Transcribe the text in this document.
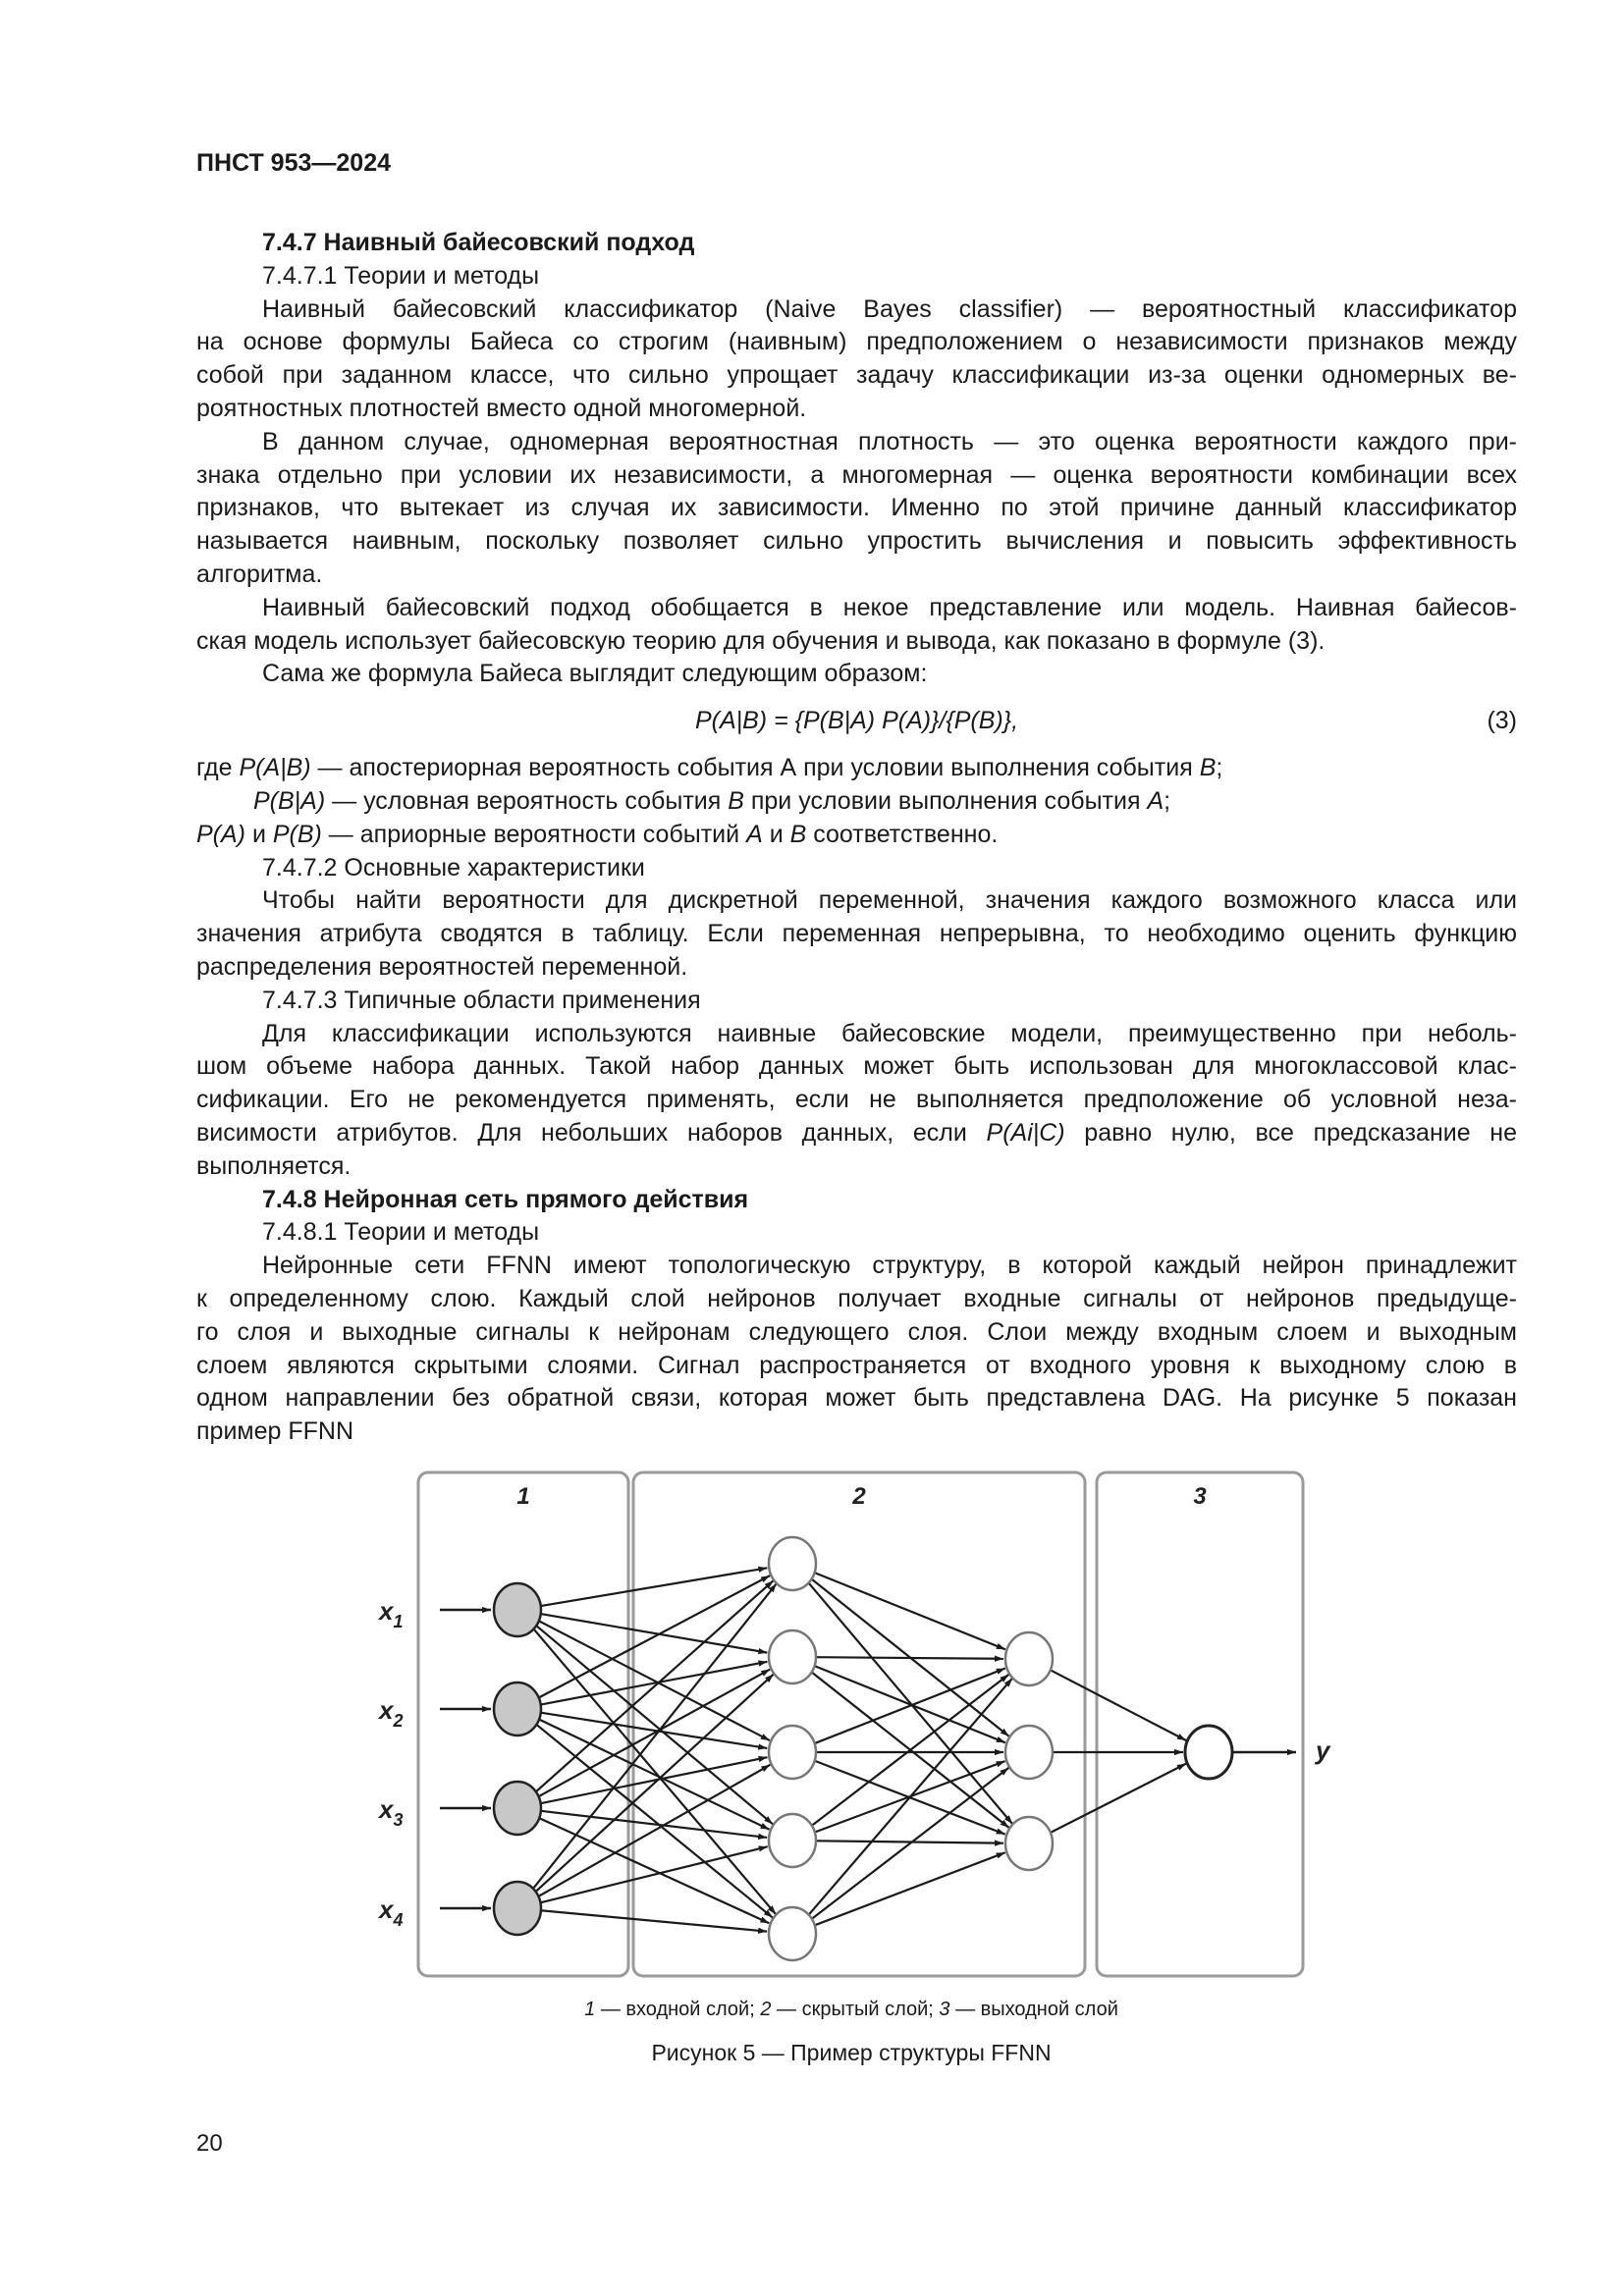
ПНСТ 953—2024
7.4.7 Наивный байесовский подход
7.4.7.1 Теории и методы
Наивный байесовский классификатор (Naive Bayes classifier) — вероятностный классификатор
на основе формулы Байеса со строгим (наивным) предположением о независимости признаков между
собой при заданном классе, что сильно упрощает задачу классификации из-за оценки одномерных ве-
роятностных плотностей вместо одной многомерной.
В данном случае, одномерная вероятностная плотность — это оценка вероятности каждого при-
знака отдельно при условии их независимости, а многомерная — оценка вероятности комбинации всех
признаков, что вытекает из случая их зависимости. Именно по этой причине данный классификатор
называется наивным, поскольку позволяет сильно упростить вычисления и повысить эффективность
алгоритма.
Наивный байесовский подход обобщается в некое представление или модель. Наивная байесов-
ская модель использует байесовскую теорию для обучения и вывода, как показано в формуле (3).
Сама же формула Байеса выглядит следующим образом:
P(A|B) = {P(B|A) P(A)}/{P(B)},	(3)
где P(A|B) — апостериорная вероятность события А при условии выполнения события B;
P(B|A) — условная вероятность события B при условии выполнения события A;
P(A) и P(B) — априорные вероятности событий A и B соответственно.
7.4.7.2 Основные характеристики
Чтобы найти вероятности для дискретной переменной, значения каждого возможного класса или
значения атрибута сводятся в таблицу. Если переменная непрерывна, то необходимо оценить функцию
распределения вероятностей переменной.
7.4.7.3 Типичные области применения
Для классификации используются наивные байесовские модели, преимущественно при неболь-
шом объеме набора данных. Такой набор данных может быть использован для многоклассовой клас-
сификации. Его не рекомендуется применять, если не выполняется предположение об условной неза-
висимости атрибутов. Для небольших наборов данных, если P(Ai|C) равно нулю, все предсказание не
выполняется.
7.4.8 Нейронная сеть прямого действия
7.4.8.1 Теории и методы
Нейронные сети FFNN имеют топологическую структуру, в которой каждый нейрон принадлежит
к определенному слою. Каждый слой нейронов получает входные сигналы от нейронов предыдуще-
го слоя и выходные сигналы к нейронам следующего слоя. Слои между входным слоем и выходным
слоем являются скрытыми слоями. Сигнал распространяется от входного уровня к выходному слою в
одном направлении без обратной связи, которая может быть представлена DAG. На рисунке 5 показан
пример FFNN
1	2	3
$x_1$
$x_2$
$x_3$
$x_4$
y
1 — входной слой; 2 — скрытый слой; 3 — выходной слой
Рисунок 5 — Пример структуры FFNN
20
